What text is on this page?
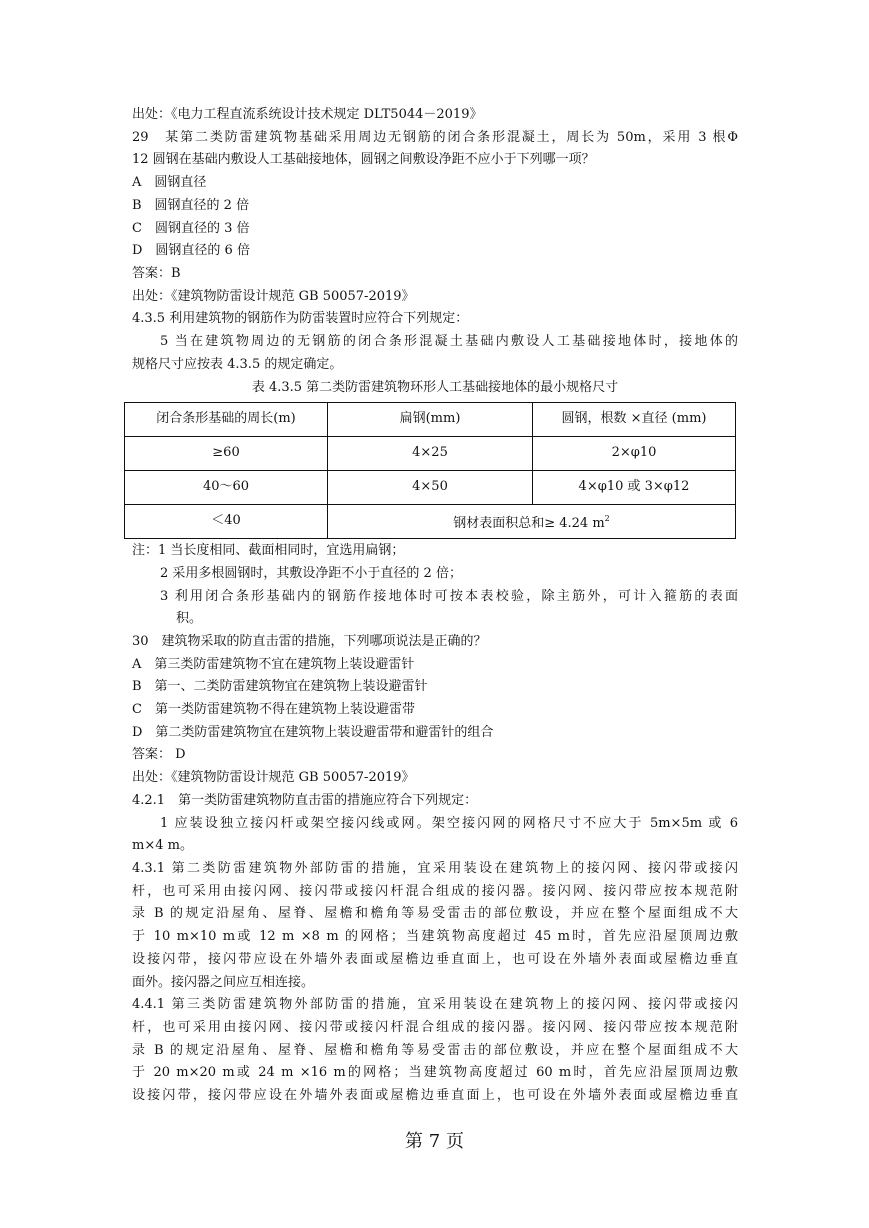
出处：《电力工程直流系统设计技术规定 DLT5044－2019》
29　某第二类防雷建筑物基础采用周边无钢筋的闭合条形混凝土，周长为 50m，采用 3 根Φ
12 圆钢在基础内敷设人工基础接地体，圆钢之间敷设净距不应小于下列哪一项？
A　圆钢直径
B　圆钢直径的 2 倍
C　圆钢直径的 3 倍
D　圆钢直径的 6 倍
答案：B
出处：《建筑物防雷设计规范 GB 50057-2019》
4.3.5 利用建筑物的钢筋作为防雷装置时应符合下列规定：
5 当在建筑物周边的无钢筋的闭合条形混凝土基础内敷设人工基础接地体时，接地体的
规格尺寸应按表 4.3.5 的规定确定。
表 4.3.5 第二类防雷建筑物环形人工基础接地体的最小规格尺寸
闭合条形基础的周长(m)	扁钢(mm)	圆钢，根数 ×直径 (mm)
≥60	4×25	2×φ10
40～60	4×50	4×φ10 或 3×φ12
＜40	钢材表面积总和≥ 4.24 $m^2$
注：1 当长度相同、截面相同时，宜选用扁钢；
2 采用多根圆钢时，其敷设净距不小于直径的 2 倍；
3 利用闭合条形基础内的钢筋作接地体时可按本表校验，除主筋外，可计入箍筋的表面
积。
30　建筑物采取的防直击雷的措施，下列哪项说法是正确的？
A　第三类防雷建筑物不宜在建筑物上装设避雷针
B　第一、二类防雷建筑物宜在建筑物上装设避雷针
C　第一类防雷建筑物不得在建筑物上装设避雷带
D　第二类防雷建筑物宜在建筑物上装设避雷带和避雷针的组合
答案： D
出处：《建筑物防雷设计规范 GB 50057-2019》
4.2.1　第一类防雷建筑物防直击雷的措施应符合下列规定：
1 应装设独立接闪杆或架空接闪线或网。架空接闪网的网格尺寸不应大于 5m×5m 或 6
m×4 m。
4.3.1 第二类防雷建筑物外部防雷的措施，宜采用装设在建筑物上的接闪网、接闪带或接闪
杆，也可采用由接闪网、接闪带或接闪杆混合组成的接闪器。接闪网、接闪带应按本规范附
录 B 的规定沿屋角、屋脊、屋檐和檐角等易受雷击的部位敷设，并应在整个屋面组成不大
于 10 m×10 m或 12 m ×8 m 的网格；当建筑物高度超过 45 m时，首先应沿屋顶周边敷
设接闪带，接闪带应设在外墙外表面或屋檐边垂直面上，也可设在外墙外表面或屋檐边垂直
面外。接闪器之间应互相连接。
4.4.1 第三类防雷建筑物外部防雷的措施，宜采用装设在建筑物上的接闪网、接闪带或接闪
杆，也可采用由接闪网、接闪带或接闪杆混合组成的接闪器。接闪网、接闪带应按本规范附
录 B 的规定沿屋角、屋脊、屋檐和檐角等易受雷击的部位敷设，并应在整个屋面组成不大
于 20 m×20 m或 24 m ×16 m的网格；当建筑物高度超过 60 m时，首先应沿屋顶周边敷
设接闪带，接闪带应设在外墙外表面或屋檐边垂直面上，也可设在外墙外表面或屋檐边垂直
第 7 页
